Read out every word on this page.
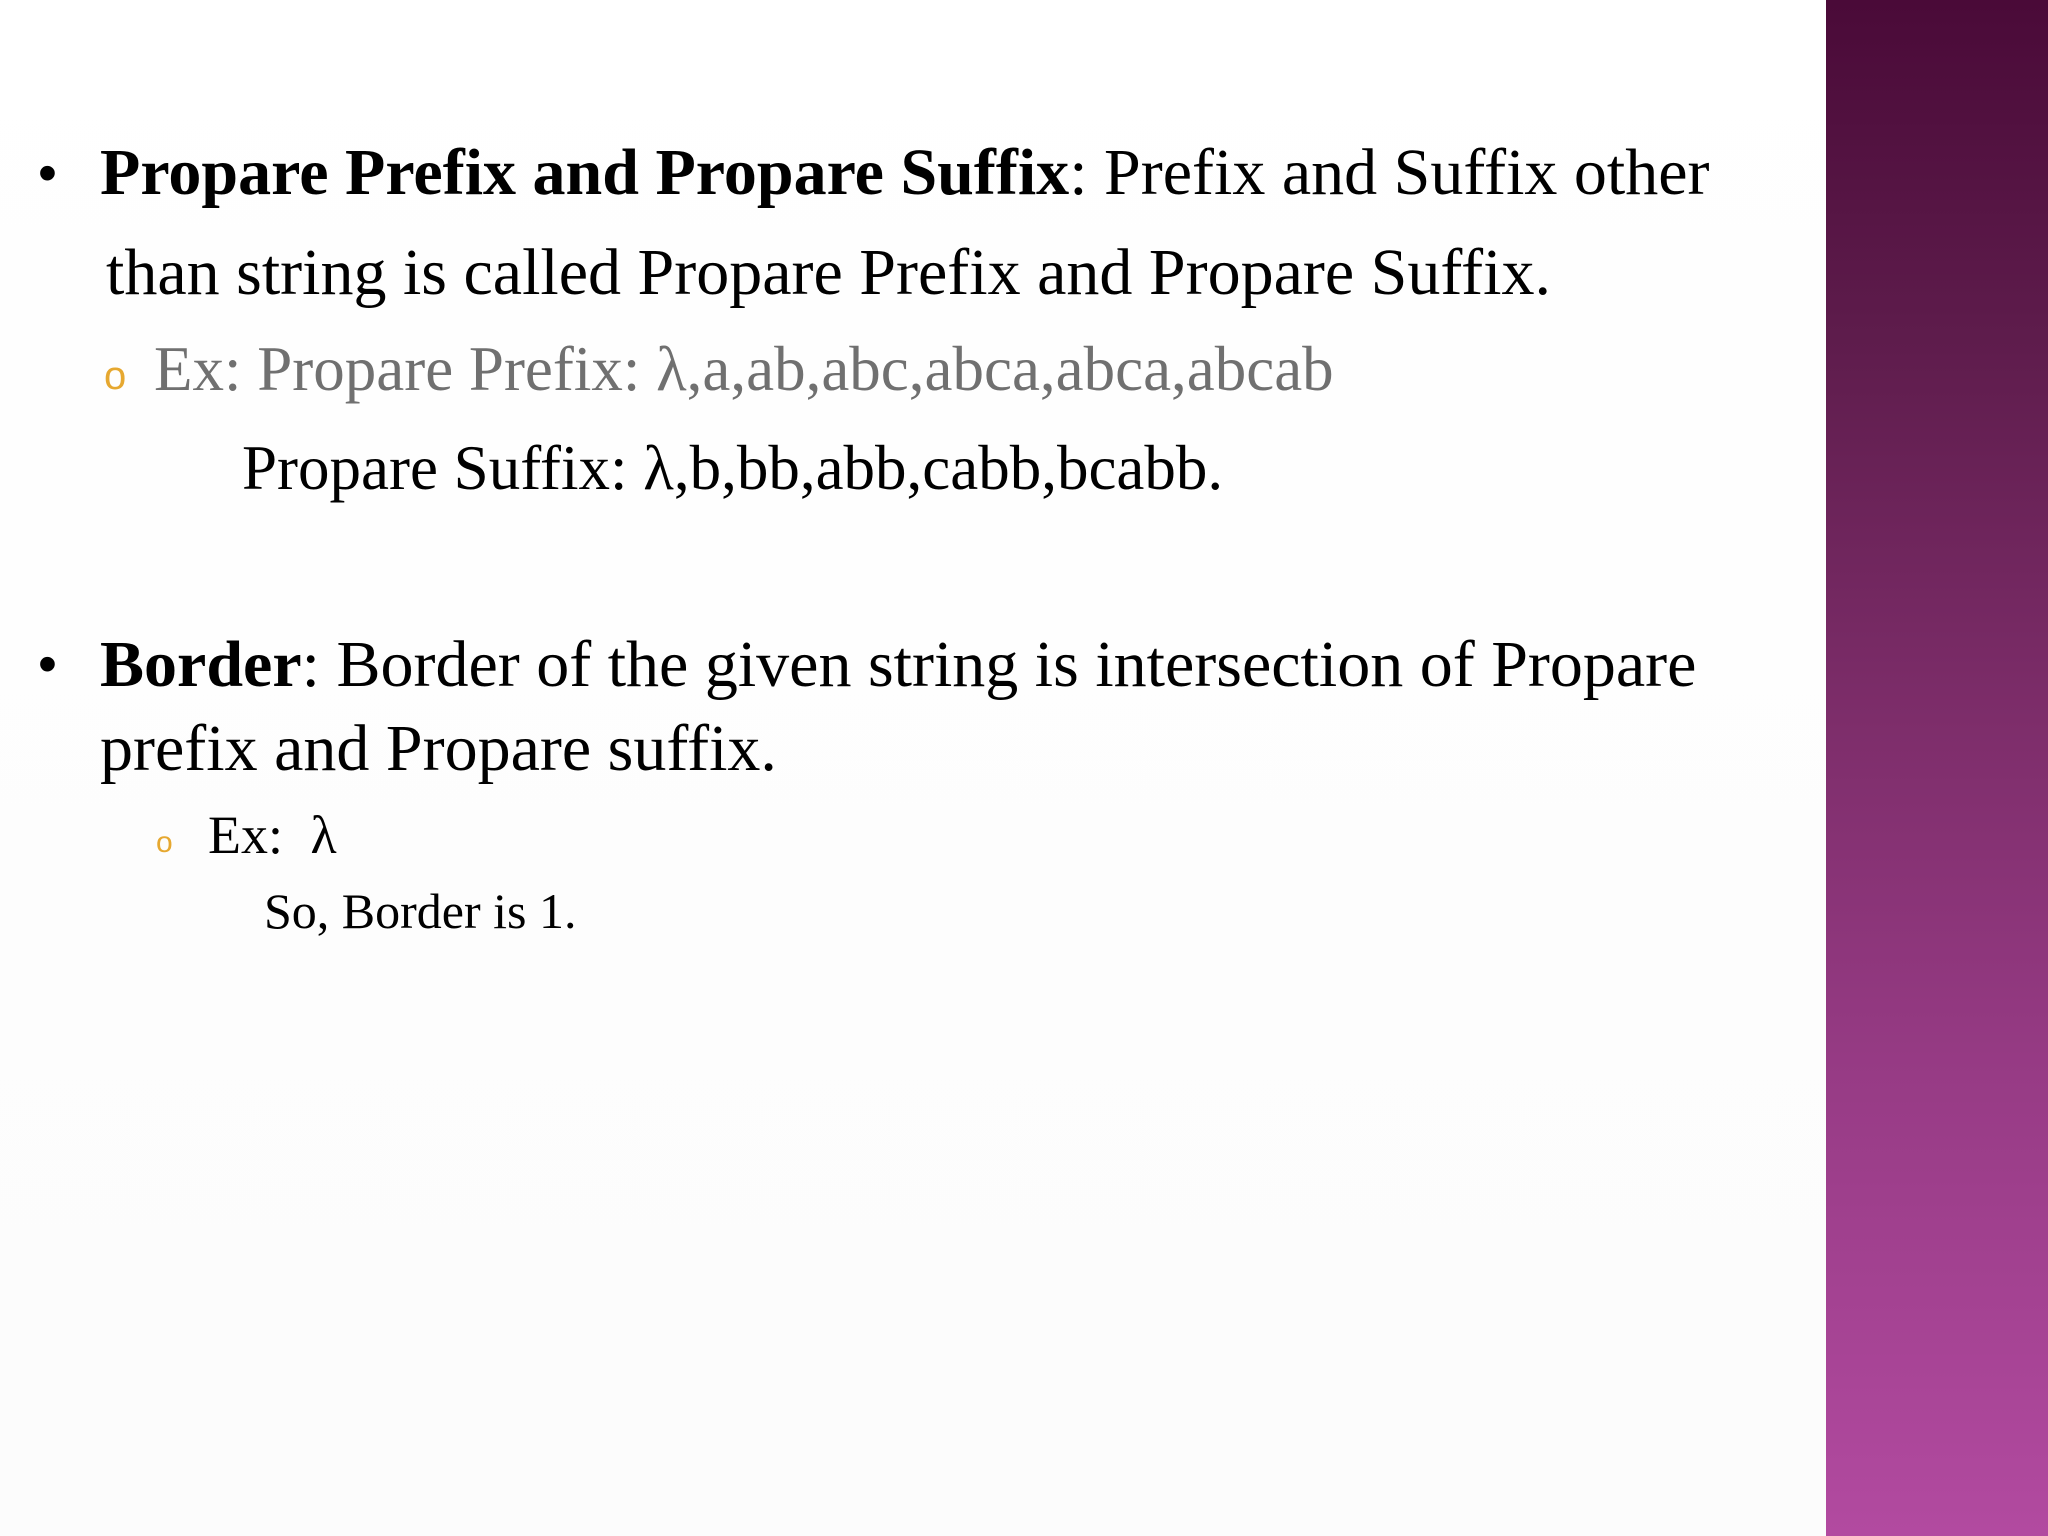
• Propare Prefix and Propare Suffix: Prefix and Suffix other
than string is called Propare Prefix and Propare Suffix.
o Ex: Propare Prefix: λ,a,ab,abc,abca,abca,abcab
Propare Suffix: λ,b,bb,abb,cabb,bcabb.
• Border: Border of the given string is intersection of Propare
prefix and Propare suffix.
o Ex: λ
So, Border is 1.
